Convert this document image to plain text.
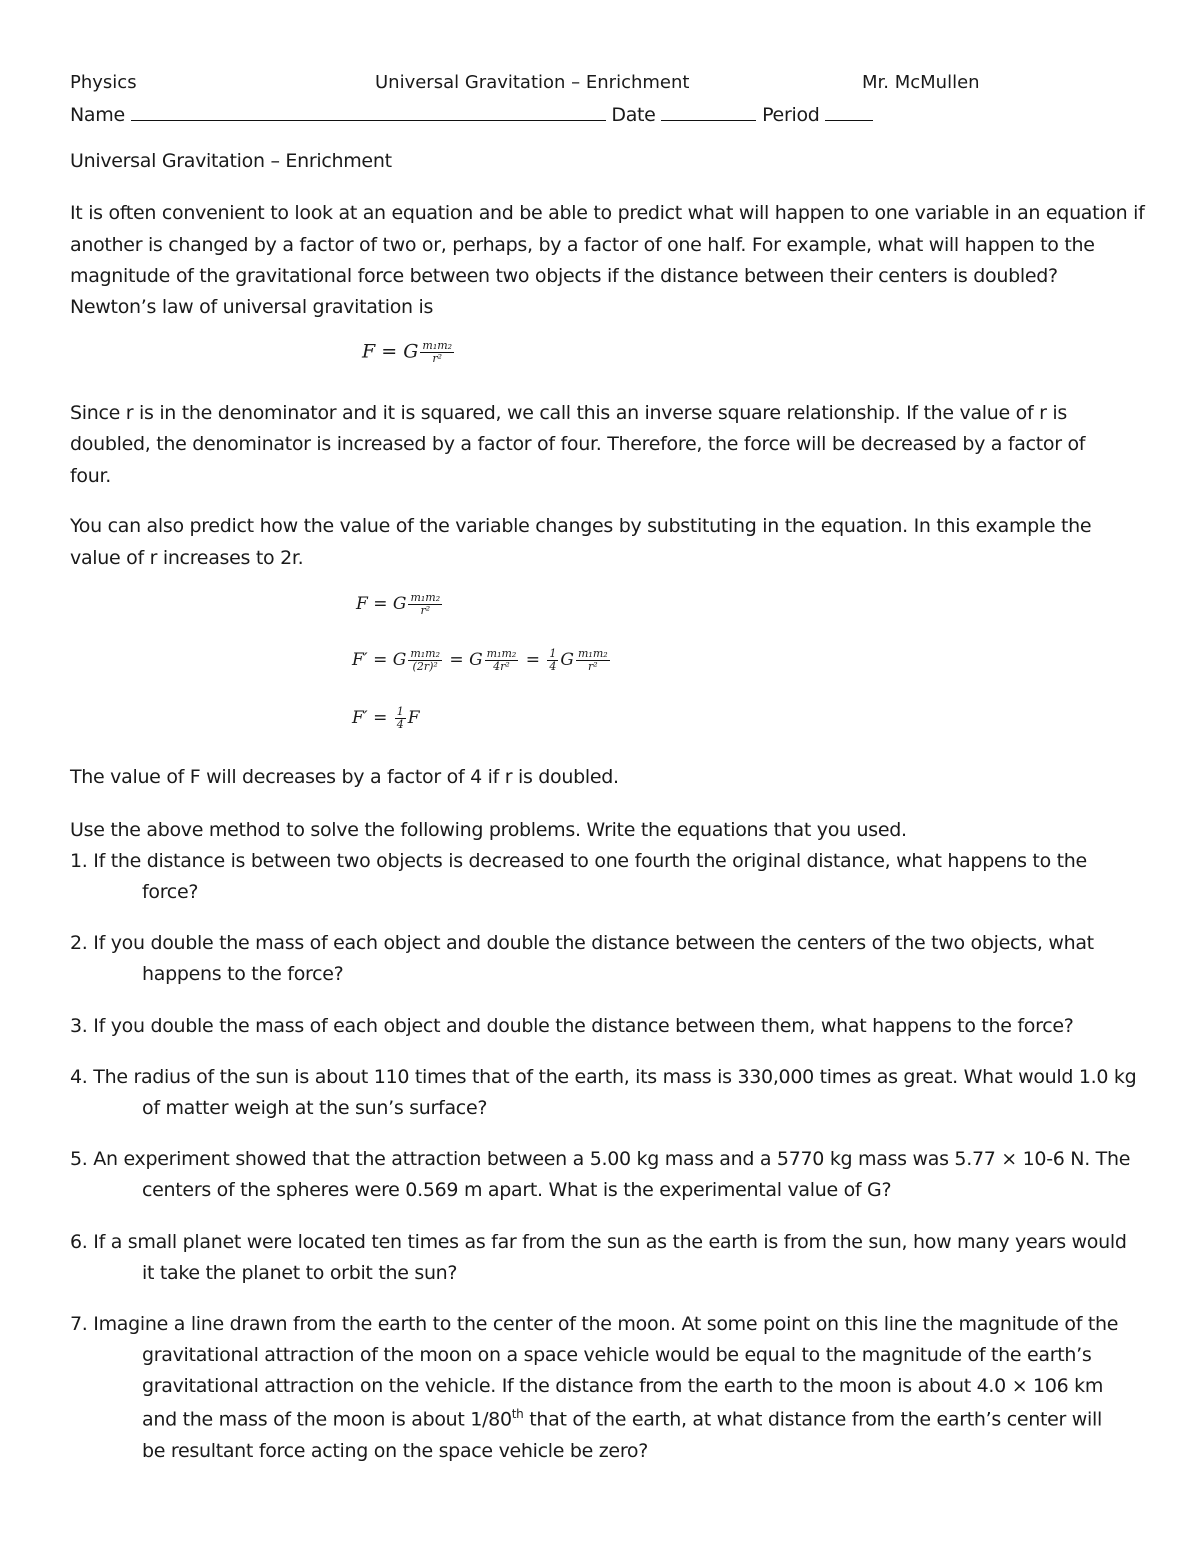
Physics	Universal Gravitation – Enrichment	Mr. McMullen
Name	Date	Period
Universal Gravitation – Enrichment
It is often convenient to look at an equation and be able to predict what will happen to one variable in an equation if
another is changed by a factor of two or, perhaps, by a factor of one half. For example, what will happen to the
magnitude of the gravitational force between two objects if the distance between their centers is doubled?
Newton’s law of universal gravitation is
F = G $\frac{\text{m₁m₂}}{\text{r²}}$
Since r is in the denominator and it is squared, we call this an inverse square relationship. If the value of r is
doubled, the denominator is increased by a factor of four. Therefore, the force will be decreased by a factor of
four.
You can also predict how the value of the variable changes by substituting in the equation. In this example the
value of r increases to 2r.
F = G $\frac{\text{m₁m₂}}{\text{r²}}$
F′ = G $\frac{\text{m₁m₂}}{\text{(2r)²}} = G \frac{\text{m₁m₂}}{\text{4r²}} = \frac{1}{4}$ G $\frac{\text{m₁m₂}}{\text{r²}}$
$F' = \frac{1}{4}$ F
The value of F will decreases by a factor of 4 if r is doubled.
Use the above method to solve the following problems. Write the equations that you used.
1. If the distance is between two objects is decreased to one fourth the original distance, what happens to the
force?
2. If you double the mass of each object and double the distance between the centers of the two objects, what
happens to the force?
3. If you double the mass of each object and double the distance between them, what happens to the force?
4. The radius of the sun is about 110 times that of the earth, its mass is 330,000 times as great. What would 1.0 kg
of matter weigh at the sun’s surface?
5. An experiment showed that the attraction between a 5.00 kg mass and a 5770 kg mass was 5.77 × 10-6 N. The
centers of the spheres were 0.569 m apart. What is the experimental value of G?
6. If a small planet were located ten times as far from the sun as the earth is from the sun, how many years would
it take the planet to orbit the sun?
7. Imagine a line drawn from the earth to the center of the moon. At some point on this line the magnitude of the
gravitational attraction of the moon on a space vehicle would be equal to the magnitude of the earth’s
gravitational attraction on the vehicle. If the distance from the earth to the moon is about 4.0 × 106 km
and the mass of the moon is about 1/80th that of the earth, at what distance from the earth’s center will
be resultant force acting on the space vehicle be zero?
